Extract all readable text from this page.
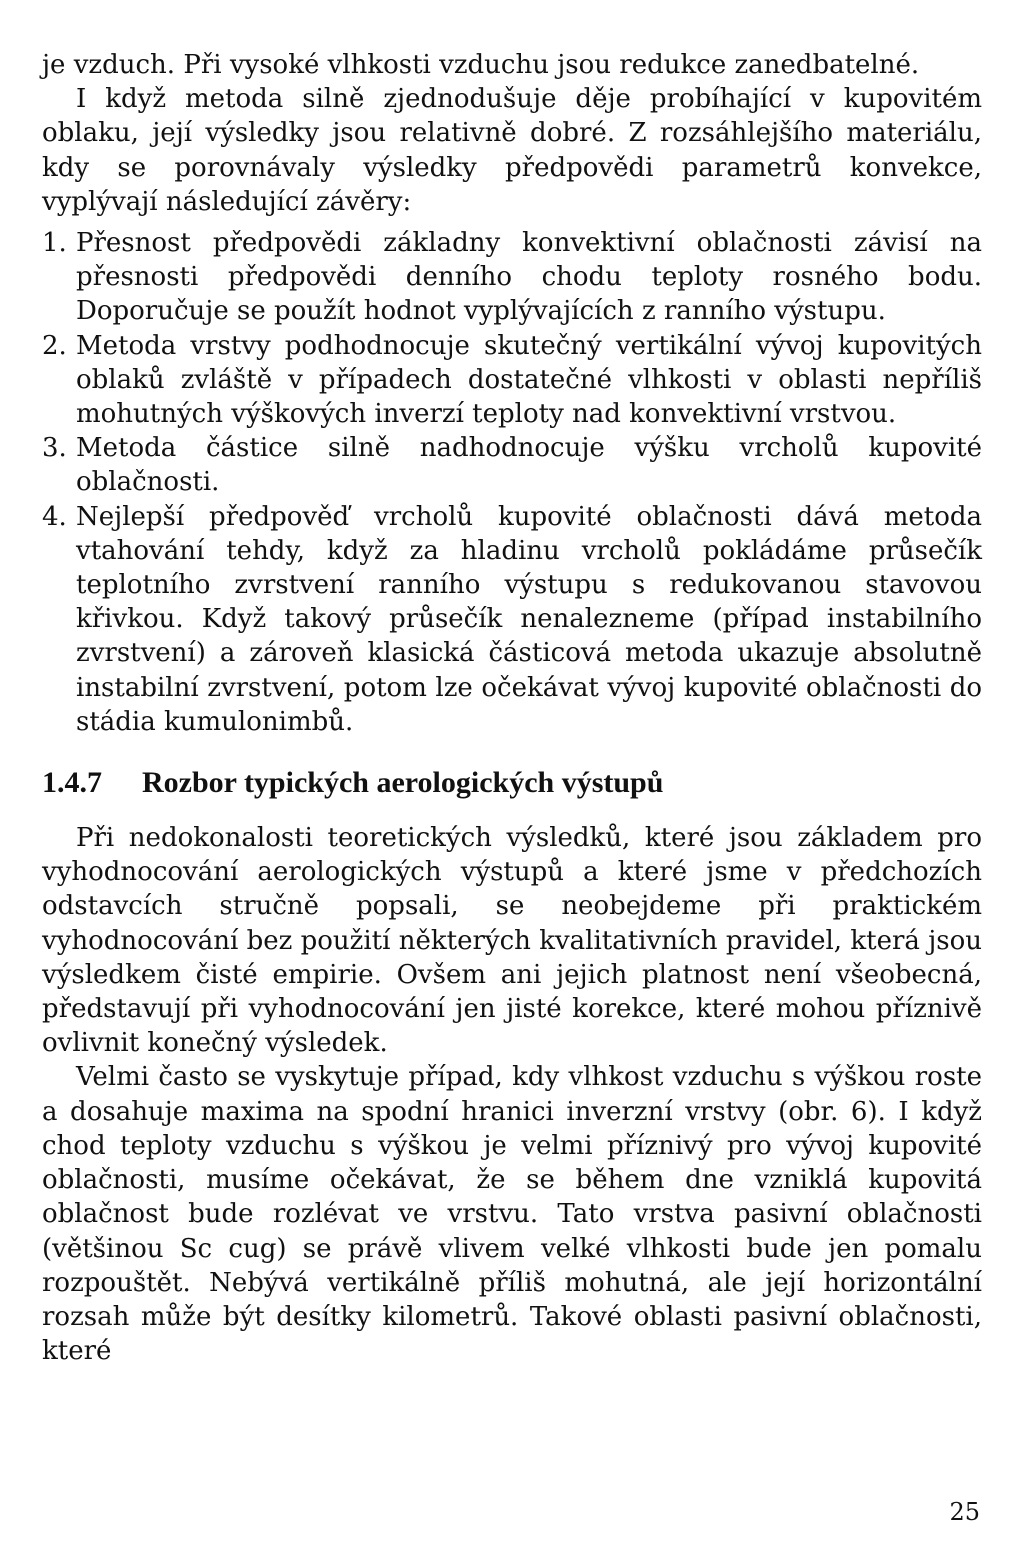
je vzduch. Při vysoké vlhkosti vzduchu jsou redukce zanedbatelné.

I když metoda silně zjednodušuje děje probíhající v kupovitém oblaku, její výsledky jsou relativně dobré. Z rozsáhlejšího materiálu, kdy se porovnávaly výsledky předpovědi parametrů konvekce, vyplývají následující závěry:

1. Přesnost předpovědi základny konvektivní oblačnosti závisí na přesnosti předpovědi denního chodu teploty rosného bodu. Doporučuje se použít hodnot vyplývajících z ranního výstupu.
2. Metoda vrstvy podhodnocuje skutečný vertikální vývoj kupovitých oblaků zvláště v případech dostatečné vlhkosti v oblasti nepříliš mohutných výškových inverzí teploty nad konvektivní vrstvou.
3. Metoda částice silně nadhodnocuje výšku vrcholů kupovité oblačnosti.
4. Nejlepší předpověď vrcholů kupovité oblačnosti dává metoda vtahování tehdy, když za hladinu vrcholů pokládáme průsečík teplotního zvrstvení ranního výstupu s redukovanou stavovou křivkou. Když takový průsečík nenalezneme (případ instabilního zvrstvení) a zároveň klasická částicová metoda ukazuje absolutně instabilní zvrstvení, potom lze očekávat vývoj kupovité oblačnosti do stádia kumulonimbů.
1.4.7	Rozbor typických aerologických výstupů

Při nedokonalosti teoretických výsledků, které jsou základem pro vyhodnocování aerologických výstupů a které jsme v předchozích odstavcích stručně popsali, se neobejdeme při praktickém vyhodnocování bez použití některých kvalitativních pravidel, která jsou výsledkem čisté empirie. Ovšem ani jejich platnost není všeobecná, představují při vyhodnocování jen jisté korekce, které mohou příznivě ovlivnit konečný výsledek.

Velmi často se vyskytuje případ, kdy vlhkost vzduchu s výškou roste a dosahuje maxima na spodní hranici inverzní vrstvy (obr. 6). I když chod teploty vzduchu s výškou je velmi příznivý pro vývoj kupovité oblačnosti, musíme očekávat, že se během dne vzniklá kupovitá oblačnost bude rozlévat ve vrstvu. Tato vrstva pasivní oblačnosti (většinou Sc cug) se právě vlivem velké vlhkosti bude jen pomalu rozpouštět. Nebývá vertikálně příliš mohutná, ale její horizontální rozsah může být desítky kilometrů. Takové oblasti pasivní oblačnosti, které

25
